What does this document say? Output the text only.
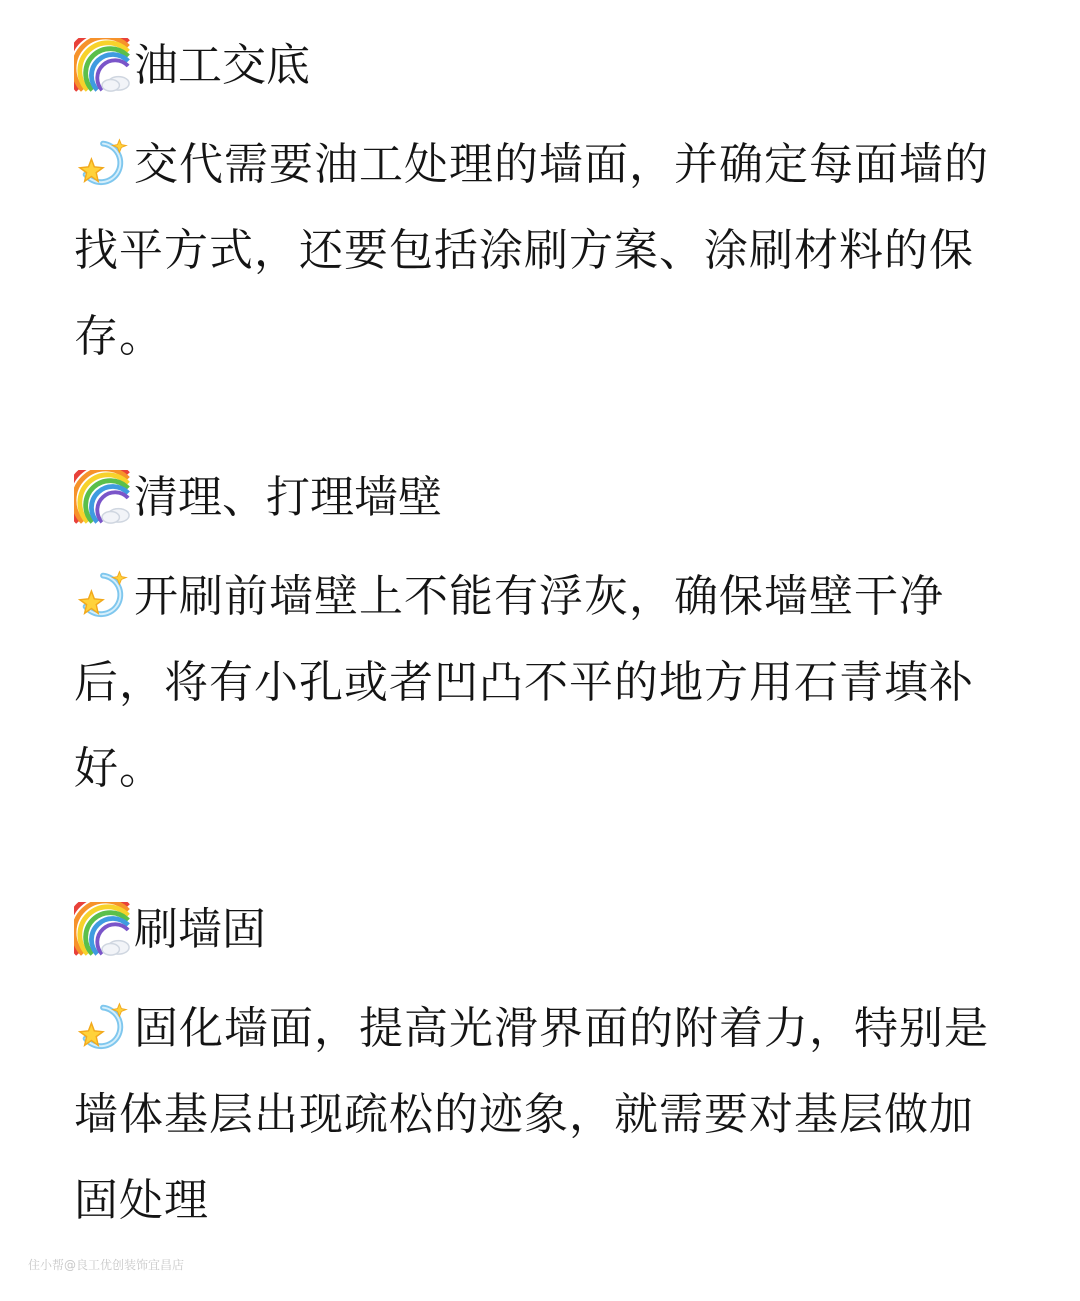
油工交底
交代需要油工处理的墙面，并确定每面墙的找平方式，还要包括涂刷方案、涂刷材料的保存。
清理、打理墙壁
开刷前墙壁上不能有浮灰，确保墙壁干净后，将有小孔或者凹凸不平的地方用石青填补好。
刷墙固
固化墙面，提高光滑界面的附着力，特别是墙体基层出现疏松的迹象，就需要对基层做加固处理
住小帮@良工优创装饰宜昌店
